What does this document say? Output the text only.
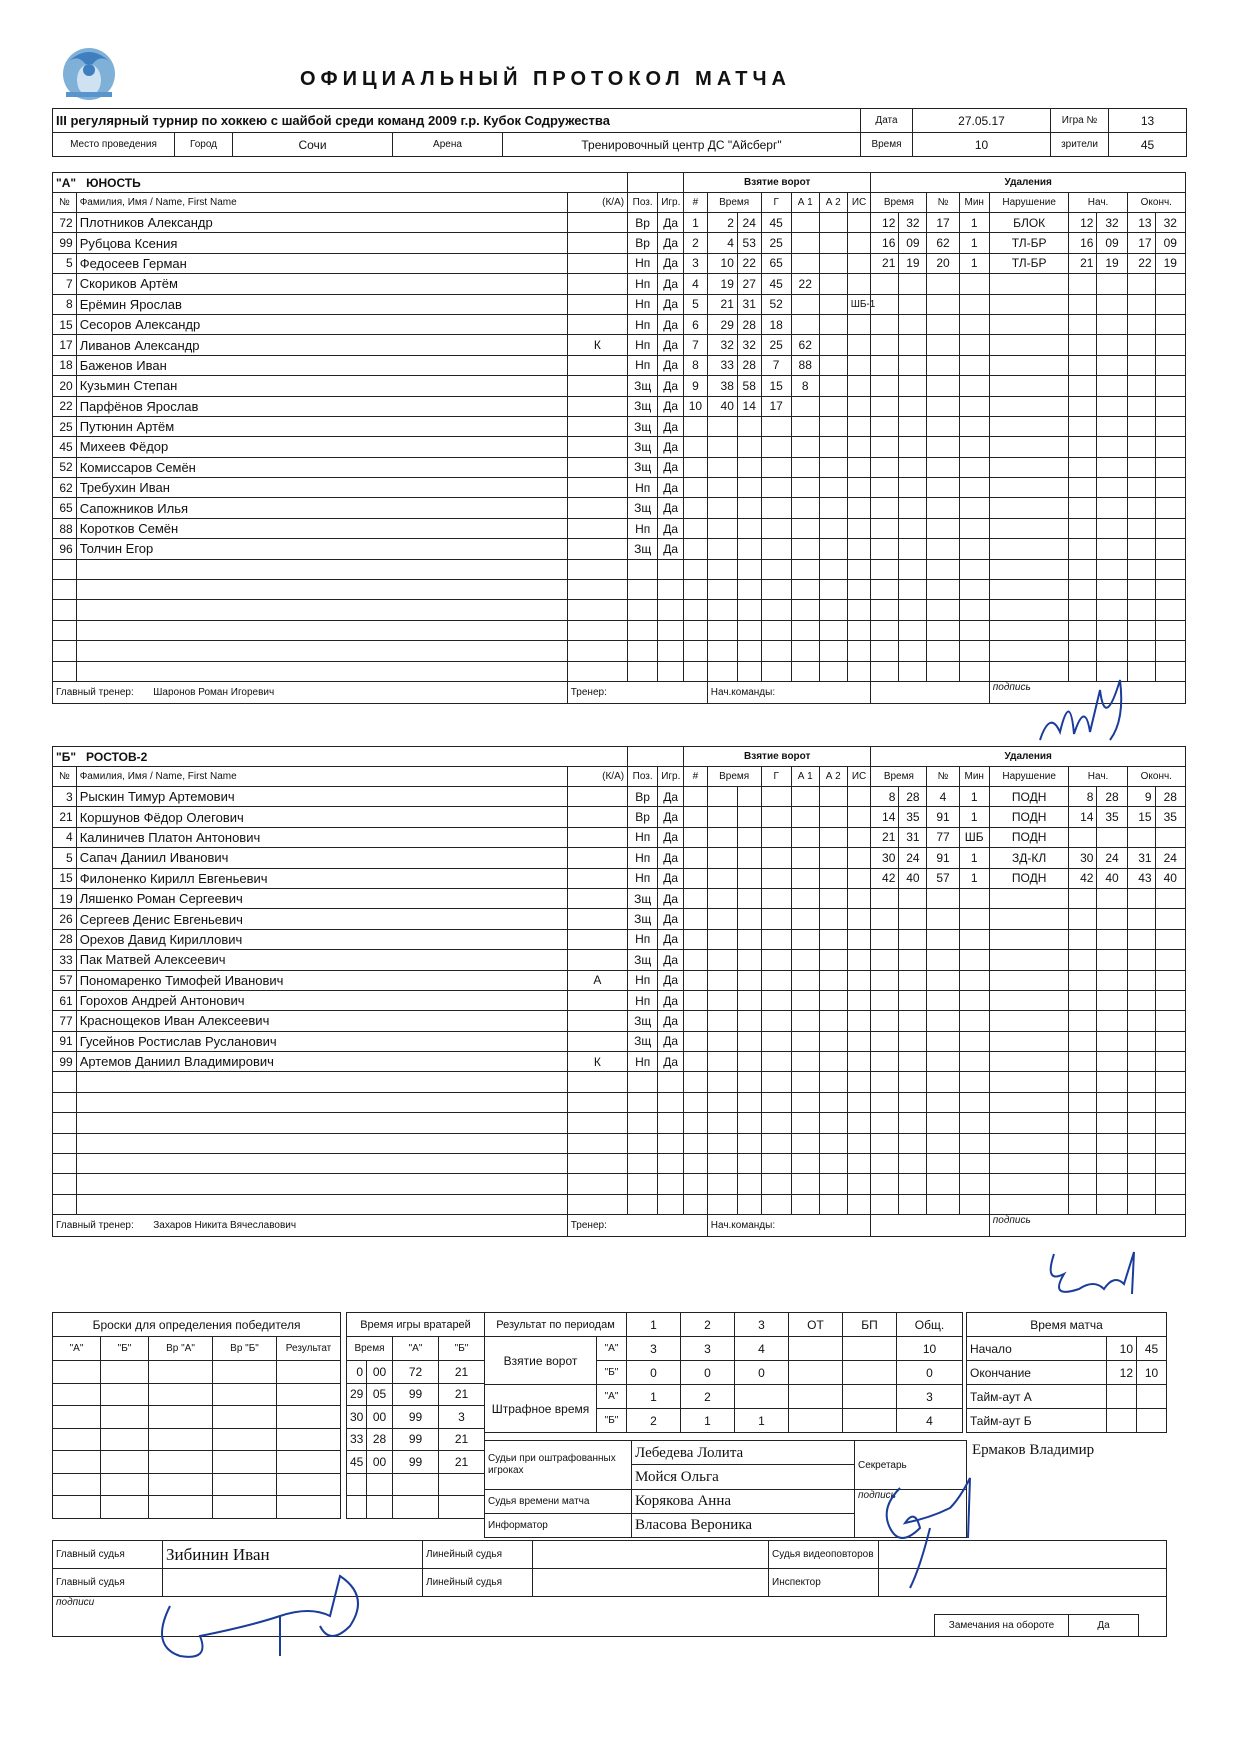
ОФИЦИАЛЬНЫЙ ПРОТОКОЛ МАТЧА
III регулярный турнир по хоккею с шайбой среди команд 2009 г.р. Кубок Содружества	Дата	27.05.17	Игра №	13
Место проведения	Город	Сочи	Арена	Тренировочный центр ДС "Айсберг"	Время	10	зрители	45
"А" ЮНОСТЬ					Взятие ворот							Удаления								
№	Фамилия, Имя / Name, First Name	(К/А)	Поз.	Игр.	#	Время		Г	А 1	А 2	ИС	Время		№	Мин	Нарушение	Нач.		Оконч.	
72	Плотников Александр		Вр	Да	1	2	24	45				12	32	17	1	БЛОК	12	32	13	32
99	Рубцова Ксения		Вр	Да	2	4	53	25				16	09	62	1	ТЛ-БР	16	09	17	09
5	Федосеев Герман		Нп	Да	3	10	22	65				21	19	20	1	ТЛ-БР	21	19	22	19
7	Скориков Артём		Нп	Да	4	19	27	45	22											
8	Ерёмин Ярослав		Нп	Да	5	21	31	52			ШБ-1									
15	Сесоров Александр		Нп	Да	6	29	28	18												
17	Ливанов Александр	К	Нп	Да	7	32	32	25	62											
18	Баженов Иван		Нп	Да	8	33	28	7	88											
20	Кузьмин Степан		Зщ	Да	9	38	58	15	8											
22	Парфёнов Ярослав		Зщ	Да	10	40	14	17												
25	Путюнин Артём		Зщ	Да																
45	Михеев Фёдор		Зщ	Да																
52	Комиссаров Семён		Зщ	Да																
62	Требухин Иван		Нп	Да																
65	Сапожников Илья		Зщ	Да																
88	Коротков Семён		Нп	Да																
96	Толчин Егор		Зщ	Да																

Главный тренер: Шаронов Роман Игоревич		Тренер:				Нач.команды:										подпись				
"Б" РОСТОВ-2					Взятие ворот							Удаления								
№	Фамилия, Имя / Name, First Name	(К/А)	Поз.	Игр.	#	Время		Г	А 1	А 2	ИС	Время		№	Мин	Нарушение	Нач.		Оконч.	
3	Рыскин Тимур Артемович		Вр	Да								8	28	4	1	ПОДН	8	28	9	28
21	Коршунов Фёдор Олегович		Вр	Да								14	35	91	1	ПОДН	14	35	15	35
4	Калиничев Платон Антонович		Нп	Да								21	31	77	ШБ	ПОДН				
5	Сапач Даниил Иванович		Нп	Да								30	24	91	1	ЗД-КЛ	30	24	31	24
15	Филоненко Кирилл Евгеньевич		Нп	Да								42	40	57	1	ПОДН	42	40	43	40
19	Ляшенко Роман Сергеевич		Зщ	Да																
26	Сергеев Денис Евгеньевич		Зщ	Да																
28	Орехов Давид Кириллович		Нп	Да																
33	Пак Матвей Алексеевич		Зщ	Да																
57	Пономаренко Тимофей Иванович	А	Нп	Да																
61	Горохов Андрей Антонович		Нп	Да																
77	Краснощеков Иван Алексеевич		Зщ	Да																
91	Гусейнов Ростислав Русланович		Зщ	Да																
99	Артемов Даниил Владимирович	К	Нп	Да																

Главный тренер: Захаров Никита Вячеславович		Тренер:				Нач.команды:										подпись				
Броски для определения победителя				
"А"	"Б"	Вр "А"	Вр "Б"	Результат

Время игры вратарей			
Время		"А"	"Б"
0	00	72	21
29	05	99	21
30	00	99	3
33	28	99	21
45	00	99	21

Результат по периодам		1	2	3	ОТ	БП	Общ.
Взятие ворот	"А"	3	3	4			10
	"Б"	0	0	0			0
Штрафное время	"А"	1	2				3
	"Б"	2	1	1			4
Время матча		
Начало	10	45
Окончание	12	10
Тайм-аут А		
Тайм-аут Б		
Судьи при оштрафованных игроках	Лебедева Лолита
Мойся Ольга	Секретарь
Судья времени матча	Корякова Анна	подпись
Информатор	Власова Вероника	
Ермаков Владимир
Главный судья	Зибинин Иван	Линейный судья		Судья видеоповторов	
Главный судья		Линейный судья		Инспектор	
подписи					
Замечания на обороте	Да
